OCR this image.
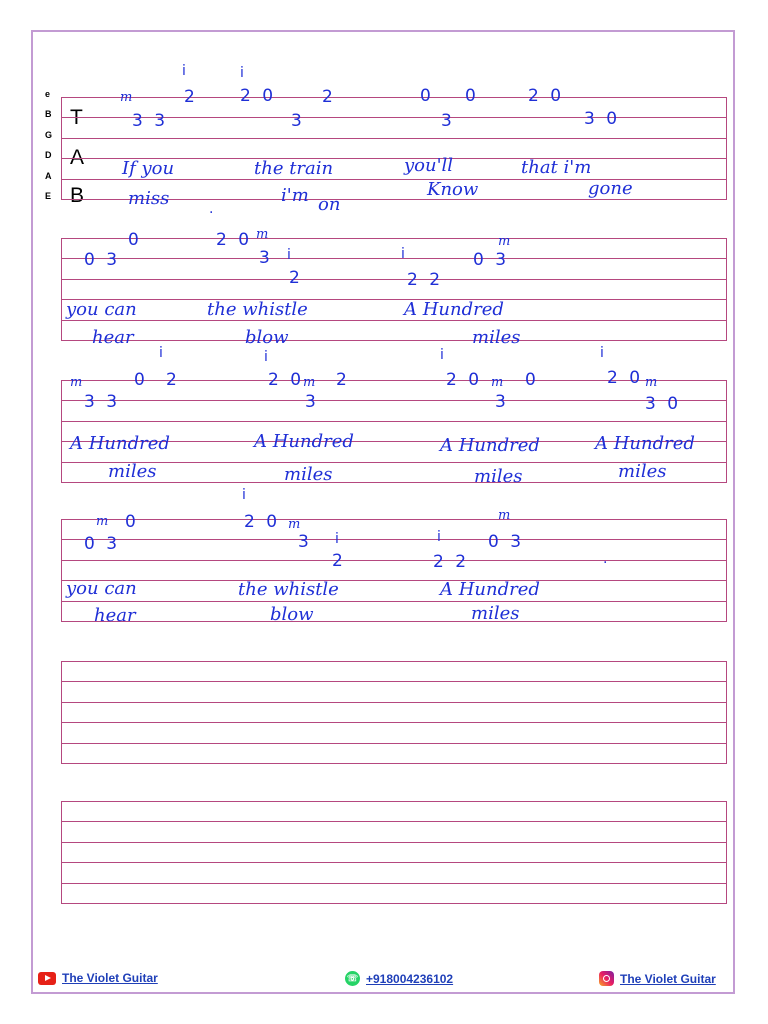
e
B
G
D
A
E
T
A
B
i	i
m	2 2 0	2	0 0	2 0
3 3	3	3	3 0
If you	the train	you'll	that i'm
miss	i'm on
Know	gone
.
0	2 0 m	m
0 3	3 i	i	0 3
2	2 2
you can	the whistle	A Hundred
hear	blow	miles
i	i	i	i
m	0 2	2 0
m 2	2 0 m 0	2 0 m
3 3	3	3	3 0
A Hundred	A Hundred	A Hundred	A Hundred
miles	miles	miles	miles
i
m 0	2 0 m
m
0 3	3 i	i	0 3
2	2 2	·
you can	the whistle	A Hundred
hear	blow	miles
The Violet Guitar	☏ +918004236102	The Violet Guitar
